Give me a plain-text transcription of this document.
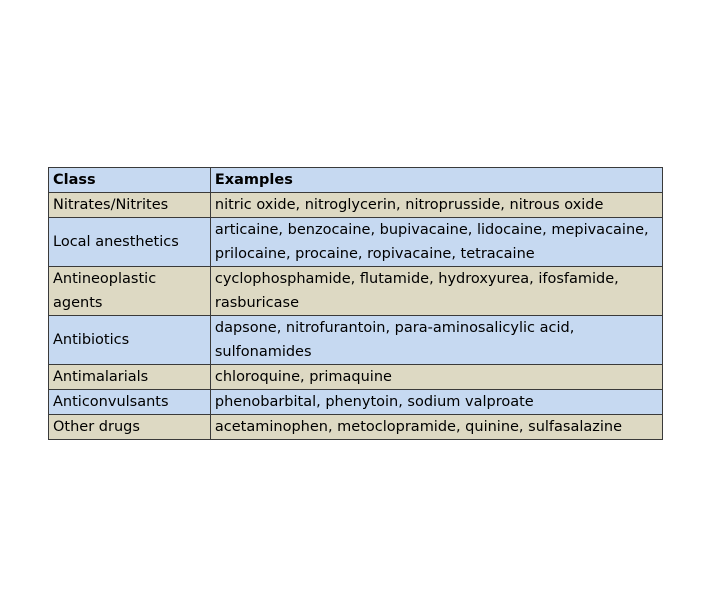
Class	Examples
Nitrates/Nitrites	nitric oxide, nitroglycerin, nitroprusside, nitrous oxide
Local anesthetics	articaine, benzocaine, bupivacaine, lidocaine, mepivacaine, prilocaine, procaine, ropivacaine, tetracaine
Antineoplastic agents	cyclophosphamide, flutamide, hydroxyurea, ifosfamide, rasburicase
Antibiotics	dapsone, nitrofurantoin, para-aminosalicylic acid, sulfonamides
Antimalarials	chloroquine, primaquine
Anticonvulsants	phenobarbital, phenytoin, sodium valproate
Other drugs	acetaminophen, metoclopramide, quinine, sulfasalazine
